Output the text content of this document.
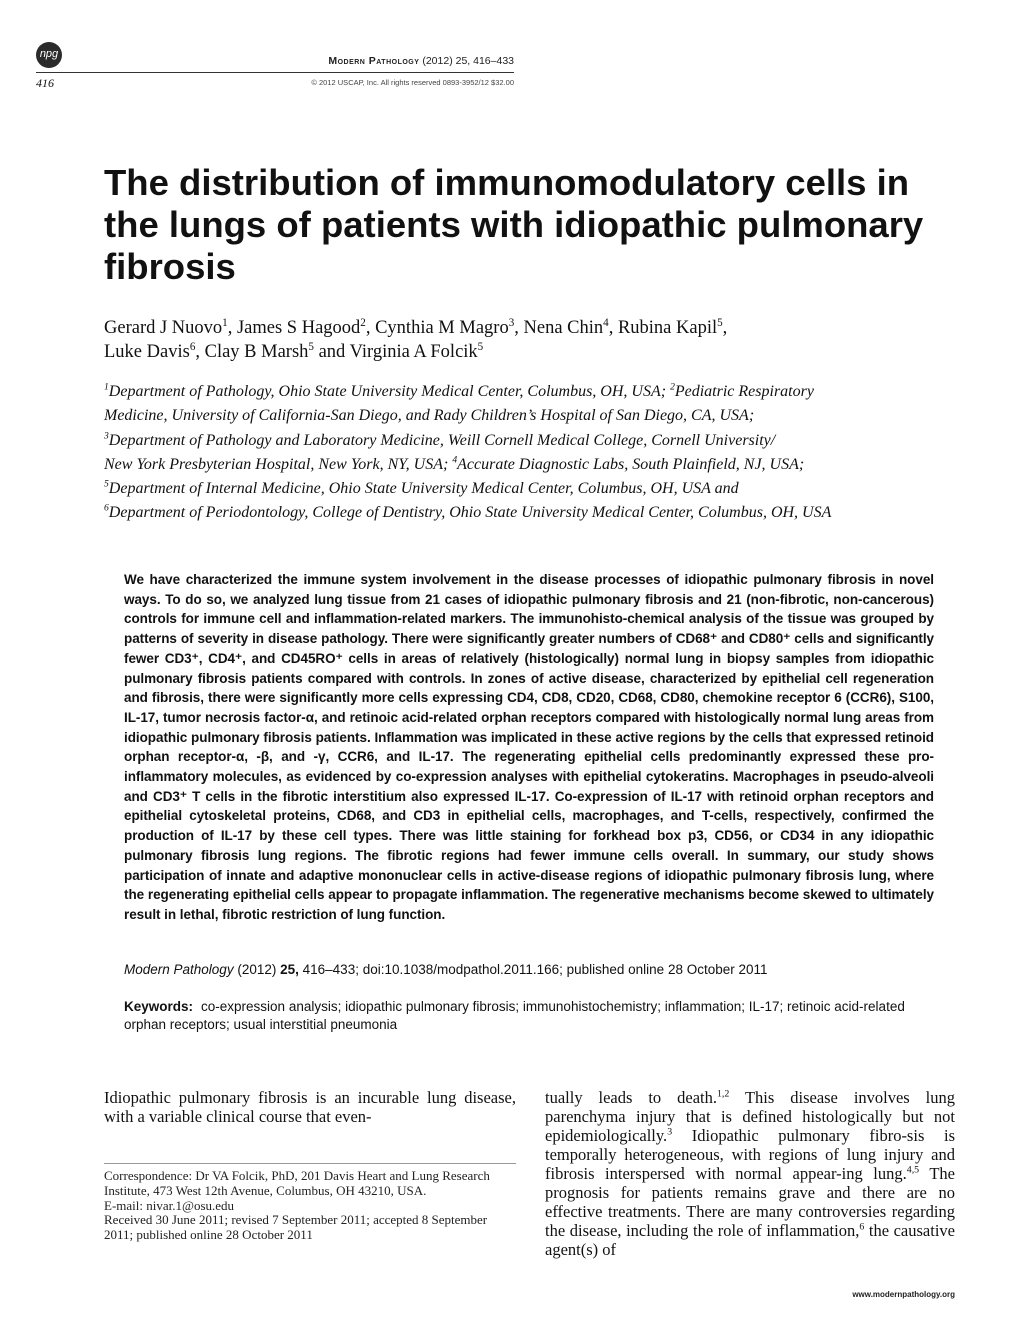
npg
Modern Pathology (2012) 25, 416–433
416	© 2012 USCAP, Inc. All rights reserved 0893-3952/12 $32.00
The distribution of immunomodulatory cells in the lungs of patients with idiopathic pulmonary fibrosis
Gerard J Nuovo$^1$, James S Hagood$^2$, Cynthia M Magro$^3$, Nena Chin$^4$, Rubina Kapil$^5$,
Luke Davis$^6$, Clay B Marsh$^5$ and Virginia A Folcik$^5$
$^1$Department of Pathology, Ohio State University Medical Center, Columbus, OH, USA; $^2$Pediatric Respiratory
Medicine, University of California-San Diego, and Rady Children’s Hospital of San Diego, CA, USA;
$^3$Department of Pathology and Laboratory Medicine, Weill Cornell Medical College, Cornell University/
New York Presbyterian Hospital, New York, NY, USA; $^4$Accurate Diagnostic Labs, South Plainfield, NJ, USA;
$^5$Department of Internal Medicine, Ohio State University Medical Center, Columbus, OH, USA and
$^6$Department of Periodontology, College of Dentistry, Ohio State University Medical Center, Columbus, OH, USA
We have characterized the immune system involvement in the disease processes of idiopathic pulmonary fibrosis in novel ways. To do so, we analyzed lung tissue from 21 cases of idiopathic pulmonary fibrosis and 21 (non-fibrotic, non-cancerous) controls for immune cell and inflammation-related markers. The immunohisto-chemical analysis of the tissue was grouped by patterns of severity in disease pathology. There were significantly greater numbers of CD68⁺ and CD80⁺ cells and significantly fewer CD3⁺, CD4⁺, and CD45RO⁺ cells in areas of relatively (histologically) normal lung in biopsy samples from idiopathic pulmonary fibrosis patients compared with controls. In zones of active disease, characterized by epithelial cell regeneration and fibrosis, there were significantly more cells expressing CD4, CD8, CD20, CD68, CD80, chemokine receptor 6 (CCR6), S100, IL-17, tumor necrosis factor-α, and retinoic acid-related orphan receptors compared with histologically normal lung areas from idiopathic pulmonary fibrosis patients. Inflammation was implicated in these active regions by the cells that expressed retinoid orphan receptor-α, -β, and -γ, CCR6, and IL-17. The regenerating epithelial cells predominantly expressed these pro-inflammatory molecules, as evidenced by co-expression analyses with epithelial cytokeratins. Macrophages in pseudo-alveoli and CD3⁺ T cells in the fibrotic interstitium also expressed IL-17. Co-expression of IL-17 with retinoid orphan receptors and epithelial cytoskeletal proteins, CD68, and CD3 in epithelial cells, macrophages, and T-cells, respectively, confirmed the production of IL-17 by these cell types. There was little staining for forkhead box p3, CD56, or CD34 in any idiopathic pulmonary fibrosis lung regions. The fibrotic regions had fewer immune cells overall. In summary, our study shows participation of innate and adaptive mononuclear cells in active-disease regions of idiopathic pulmonary fibrosis lung, where the regenerating epithelial cells appear to propagate inflammation. The regenerative mechanisms become skewed to ultimately result in lethal, fibrotic restriction of lung function.
Modern Pathology (2012) 25, 416–433; doi:10.1038/modpathol.2011.166; published online 28 October 2011
Keywords: co-expression analysis; idiopathic pulmonary fibrosis; immunohistochemistry; inflammation; IL-17; retinoic acid-related orphan receptors; usual interstitial pneumonia
Idiopathic pulmonary fibrosis is an incurable lung disease, with a variable clinical course that even-
Correspondence: Dr VA Folcik, PhD, 201 Davis Heart and Lung Research Institute, 473 West 12th Avenue, Columbus, OH 43210, USA.
E-mail: nivar.1@osu.edu
Received 30 June 2011; revised 7 September 2011; accepted 8 September 2011; published online 28 October 2011
tually leads to death.$^{1,2}$ This disease involves lung parenchyma injury that is defined histologically but not epidemiologically.$^3$ Idiopathic pulmonary fibro-sis is temporally heterogeneous, with regions of lung injury and fibrosis interspersed with normal appear-ing lung.$^{4,5}$ The prognosis for patients remains grave and there are no effective treatments. There are many controversies regarding the disease, including the role of inflammation,$^6$ the causative agent(s) of
www.modernpathology.org
